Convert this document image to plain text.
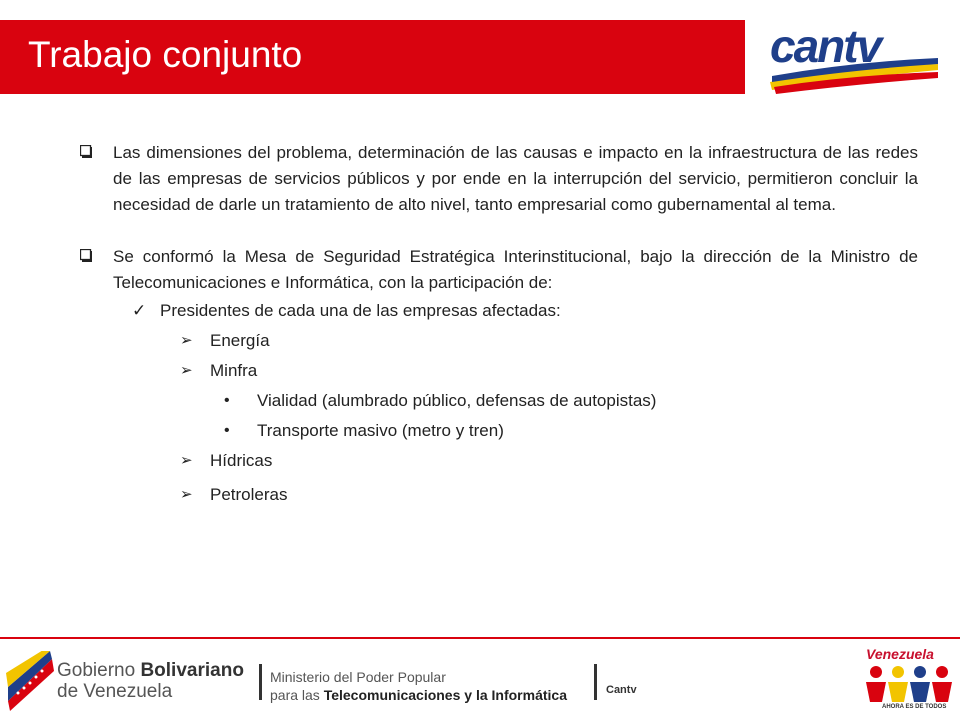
Trabajo conjunto	cantv
Las dimensiones del problema, determinación de las causas e impacto en la infraestructura de las redes de las empresas de servicios públicos y por ende en la interrupción del servicio, permitieron concluir la necesidad de darle un tratamiento de alto nivel, tanto empresarial como gubernamental al tema.
Se conformó la Mesa de Seguridad Estratégica Interinstitucional, bajo la dirección de la Ministro de Telecomunicaciones e Informática, con la participación de:
✓ Presidentes de cada una de las empresas afectadas:
➢ Energía
➢ Minfra
• Vialidad (alumbrado público, defensas de autopistas)
• Transporte masivo (metro y tren)
➢ Hídricas
➢ Petroleras
Gobierno Bolivariano
de Venezuela
Ministerio del Poder Popular
para las Telecomunicaciones y la Informática	Cantv
Venezuela
AHORA ES DE TODOS
